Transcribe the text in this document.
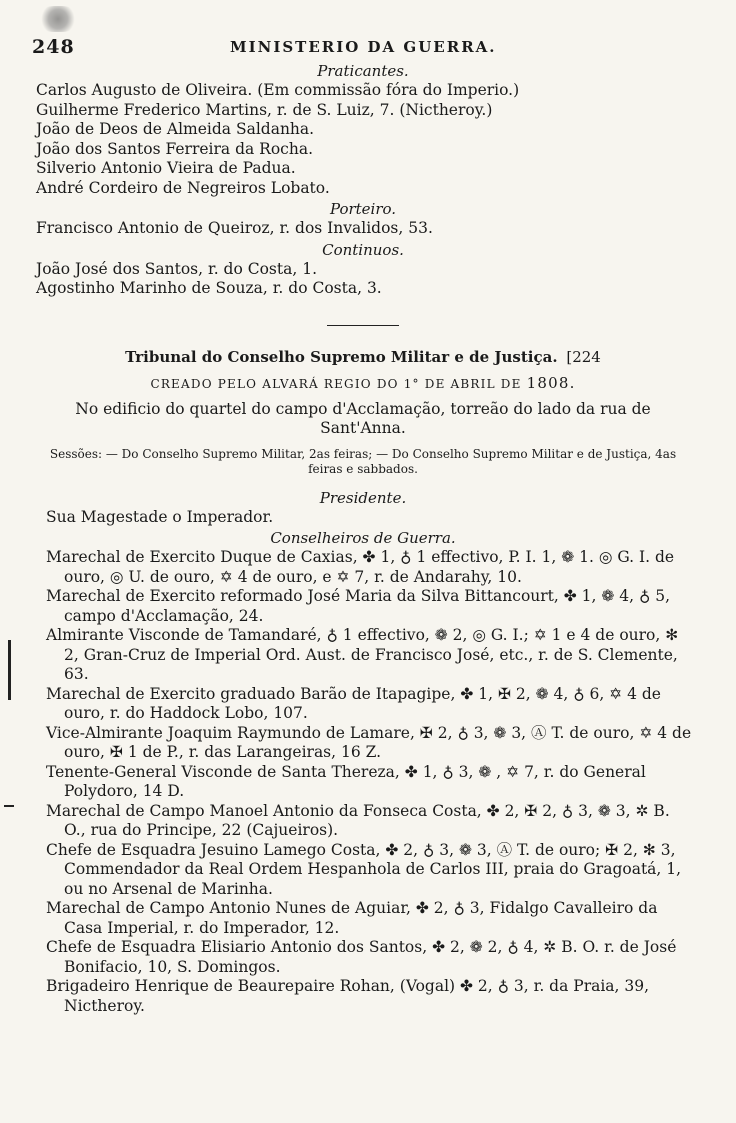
248	MINISTERIO DA GUERRA.
Praticantes.
Carlos Augusto de Oliveira. (Em commissão fóra do Imperio.)
Guilherme Frederico Martins, r. de S. Luiz, 7. (Nictheroy.)
João de Deos de Almeida Saldanha.
João dos Santos Ferreira da Rocha.
Silverio Antonio Vieira de Padua.
André Cordeiro de Negreiros Lobato.
Porteiro.
Francisco Antonio de Queiroz, r. dos Invalidos, 53.
Continuos.
João José dos Santos, r. do Costa, 1.
Agostinho Marinho de Souza, r. do Costa, 3.
Tribunal do Conselho Supremo Militar e de Justiça. [224
CREADO PELO ALVARÁ REGIO DO 1° DE ABRIL DE 1808.
No edificio do quartel do campo d'Acclamação, torreão do lado da rua de Sant'Anna.
Sessões: — Do Conselho Supremo Militar, 2as feiras; — Do Conselho Supremo Militar e de Justiça, 4as feiras e sabbados.
Presidente.
Sua Magestade o Imperador.
Conselheiros de Guerra.
Marechal de Exercito Duque de Caxias, ✤ 1, ♁ 1 effectivo, P. I. 1, ❁ 1. ◎ G. I. de ouro, ◎ U. de ouro, ✡ 4 de ouro, e ✡ 7, r. de Andarahy, 10.
Marechal de Exercito reformado José Maria da Silva Bittancourt, ✤ 1, ❁ 4, ♁ 5, campo d'Acclamação, 24.
Almirante Visconde de Tamandaré, ♁ 1 effectivo, ❁ 2, ◎ G. I.; ✡ 1 e 4 de ouro, ✻ 2, Gran-Cruz de Imperial Ord. Aust. de Francisco José, etc., r. de S. Clemente, 63.
Marechal de Exercito graduado Barão de Itapagipe, ✤ 1, ✠ 2, ❁ 4, ♁ 6, ✡ 4 de ouro, r. do Haddock Lobo, 107.
Vice-Almirante Joaquim Raymundo de Lamare, ✠ 2, ♁ 3, ❁ 3, Ⓐ T. de ouro, ✡ 4 de ouro, ✠ 1 de P., r. das Larangeiras, 16 Z.
Tenente-General Visconde de Santa Thereza, ✤ 1, ♁ 3, ❁ , ✡ 7, r. do General Polydoro, 14 D.
Marechal de Campo Manoel Antonio da Fonseca Costa, ✤ 2, ✠ 2, ♁ 3, ❁ 3, ✲ B. O., rua do Principe, 22 (Cajueiros).
Chefe de Esquadra Jesuino Lamego Costa, ✤ 2, ♁ 3, ❁ 3, Ⓐ T. de ouro; ✠ 2, ✻ 3, Commendador da Real Ordem Hespanhola de Carlos III, praia do Gragoatá, 1, ou no Arsenal de Marinha.
Marechal de Campo Antonio Nunes de Aguiar, ✤ 2, ♁ 3, Fidalgo Cavalleiro da Casa Imperial, r. do Imperador, 12.
Chefe de Esquadra Elisiario Antonio dos Santos, ✤ 2, ❁ 2, ♁ 4, ✲ B. O. r. de José Bonifacio, 10, S. Domingos.
Brigadeiro Henrique de Beaurepaire Rohan, (Vogal) ✤ 2, ♁ 3, r. da Praia, 39, Nictheroy.
